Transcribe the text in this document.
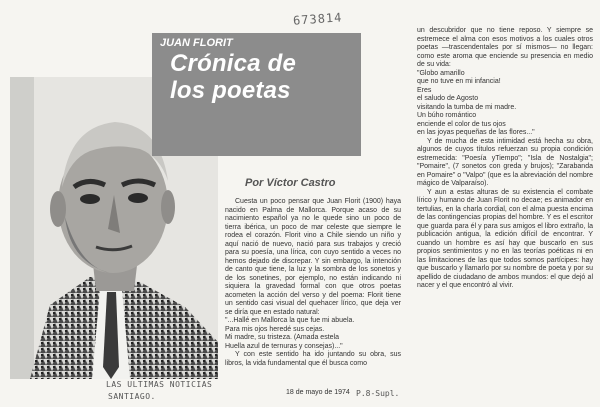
673814
JUAN FLORIT
Crónica de
los poetas
Por Víctor Castro

Cuesta un poco pensar que Juan Florit (1900) haya nacido en Palma de Mallorca. Porque acaso de su nacimiento español ya no le quede sino un poco de tierra ibérica, un poco de mar celeste que siempre le rodea el corazón. Florit vino a Chile siendo un niño y aquí nació de nuevo, nació para sus trabajos y creció para su poesía, una lírica, con cuyo sentido a veces no hemos dejado de discrepar. Y sin embargo, la intención de canto que tiene, la luz y la sombra de los sonetos y de los sonetines, por ejemplo, no están indicando ni siquiera la gravedad formal con que otros poetas acometen la acción del verso y del poema: Florit tiene un sentido casi visual del quehacer lírico, que deja ver se diría que en estado natural:

"...Hallé en Mallorca la que fue mi abuela.
Para mis ojos heredé sus cejas.
Mi madre, su tristeza. (Amada estela
Huella azul de ternuras y consejas)..."

Y con este sentido ha ido juntando su obra, sus libros, la vida fundamental que él busca como

un descubridor que no tiene reposo. Y siempre se estremece el alma con esos motivos a los cuales otros poetas —trascendentales por sí mismos— no llegan: como este aroma que enciende su presencia en medio de su vida:

"Globo amarillo
que no tuve en mi infancia!
Eres
el saludo de Agosto
visitando la tumba de mi madre.
Un búho romántico
enciende el color de tus ojos
en las joyas pequeñas de las flores..."

Y de mucha de esta intimidad está hecha su obra, algunos de cuyos títulos refuerzan su propia condición estremecida: "Poesía yTiempo"; "Isla de Nostalgia"; "Pomaire", (7 sonetos con greda y brujos); "Zarabanda en Pomaire" o "Valpo" (que es la abreviación del nombre mágico de Valparaíso).

Y aun a estas alturas de su existencia el combate lírico y humano de Juan Florit no decae; es animador en tertulias, en la charla cordial, con el alma puesta encima de las contingencias propias del hombre. Y es el escritor que guarda para él y para sus amigos el libro extraño, la publicación antigua, la edición difícil de encontrar. Y cuando un hombre es así hay que buscarlo en sus propios sentimientos y no en las teorías poéticas ni en las limitaciones de las que todos somos partícipes: hay que buscarlo y llamarlo por su nombre de poeta y por su apellido de ciudadano de ambos mundos: el que dejó al nacer y el que encontró al vivir.

18 de mayo de 1974
LAS ULTIMAS NOTICIAS
SANTIAGO.	P.8-Supl.
